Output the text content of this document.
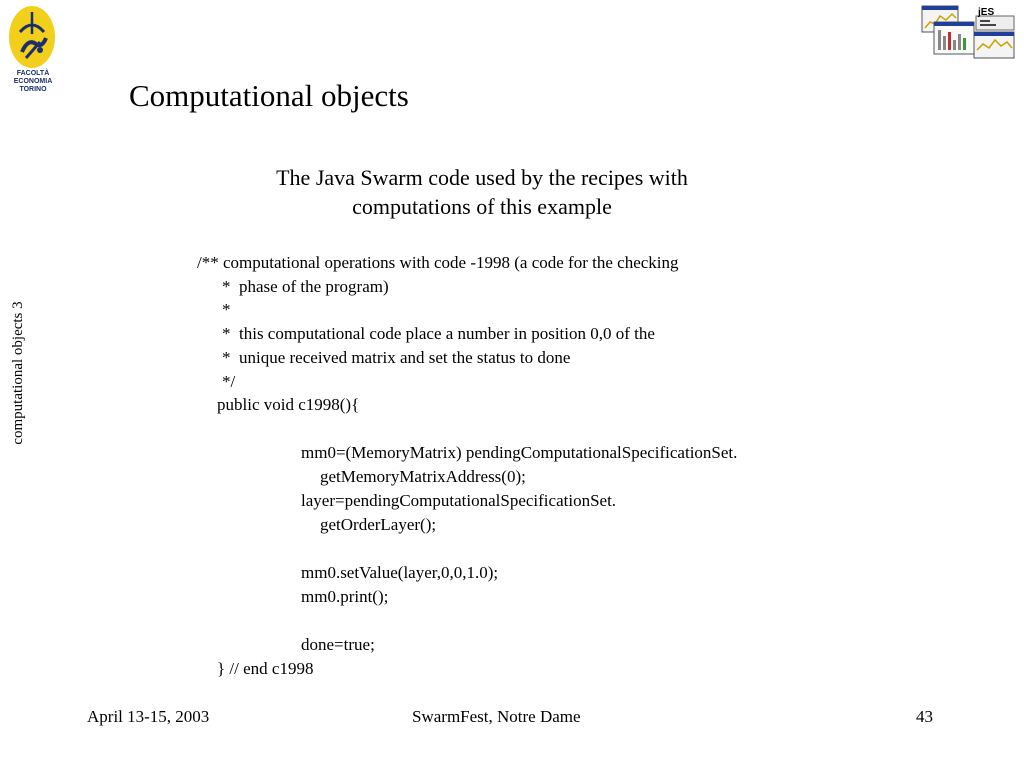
FACOLTÀ
ECONOMIA
TORINO
jES
Computational objects
The Java Swarm code used by the recipes with
computations of this example
computational objects 3
/** computational operations with code -1998 (a code for the checking
*  phase of the program)
*
*  this computational code place a number in position 0,0 of the
*  unique received matrix and set the status to done
*/
public void c1998(){
mm0=(MemoryMatrix) pendingComputationalSpecificationSet.
getMemoryMatrixAddress(0);
layer=pendingComputationalSpecificationSet.
getOrderLayer();
mm0.setValue(layer,0,0,1.0);
mm0.print();
done=true;
} // end c1998
April 13-15, 2003	SwarmFest, Notre Dame	43
